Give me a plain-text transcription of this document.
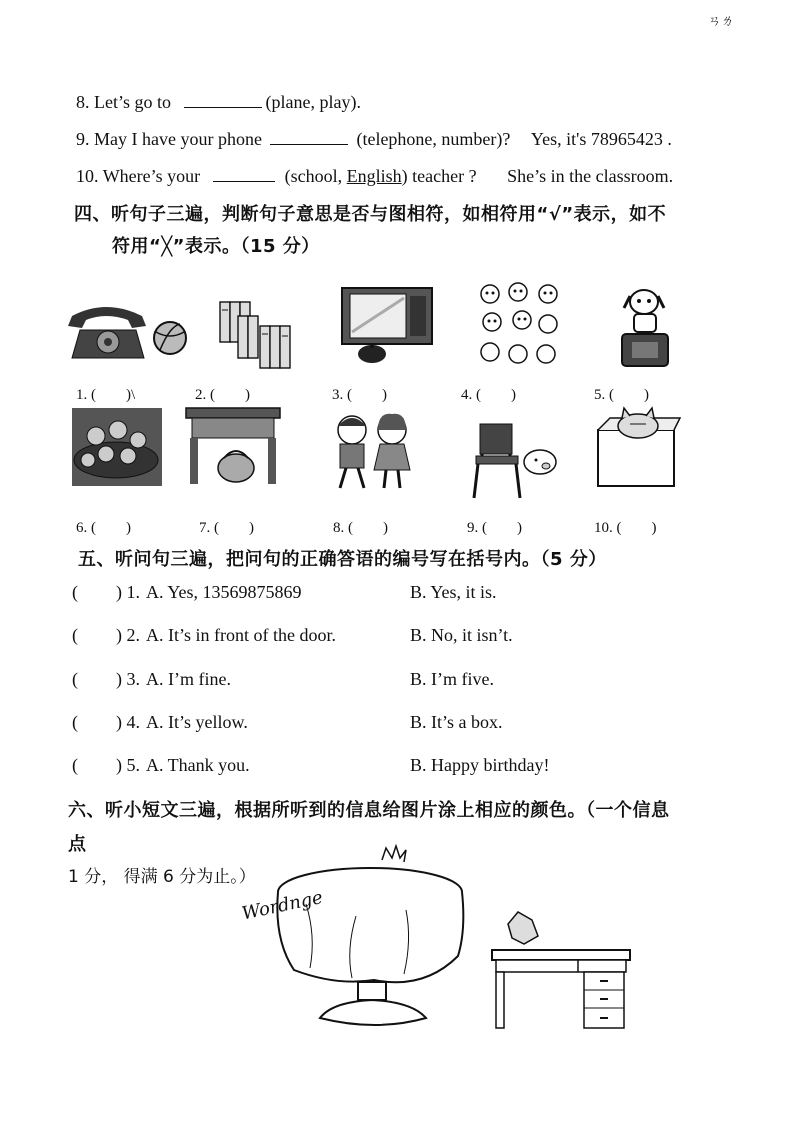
ㄢㄌ
8. Let’s go to	(plane, play).
9. May I have your phone	(telephone, number)? Yes, it's 78965423 .
10. Where’s your	(school, English) teacher ? She’s in the classroom.
四、听句子三遍，判断句子意思是否与图相符，如相符用“√”表示，如不
符用“╳”表示。（15 分）
1. (　　)\	2. (　　)	3. (　　)	4. (　　)	5. (　　)
6. (　　)	7. (　　)	8. (　　)	9. (　　)	10. (　　)
五、听问句三遍，把问句的正确答语的编号写在括号内。（5 分）
( ) 1. A. Yes, 13569875869	B. Yes, it is.
( ) 2. A. It’s in front of the door.	B. No, it isn’t.
( ) 3. A. I’m fine.	B. I’m five.
( ) 4. A. It’s yellow.	B. It’s a box.
( ) 5. A. Thank you.	B. Happy birthday!
六、听小短文三遍，根据所听到的信息给图片涂上相应的颜色。（一个信息
点
1 分， 得满 6 分为止。）
Wordnge
